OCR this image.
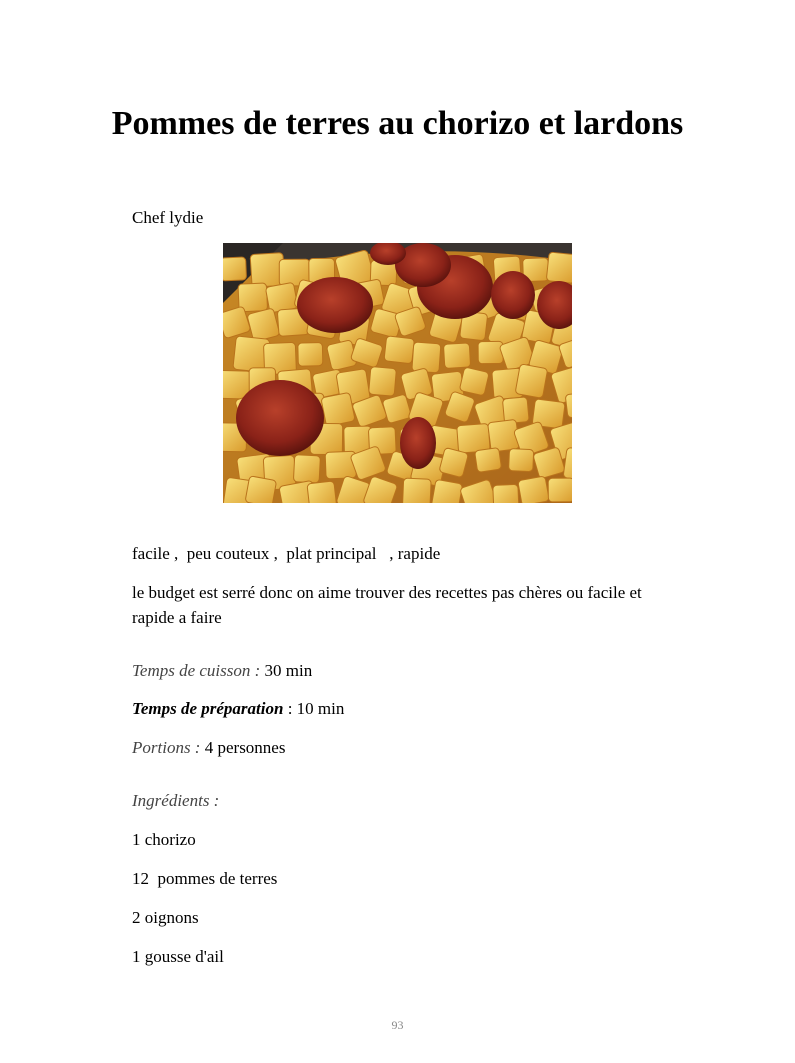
Pommes de terres au chorizo et lardons

Chef lydie

facile ,  peu couteux ,  plat principal   , rapide

le budget est serré donc on aime trouver des recettes pas chères ou facile et rapide a faire

Temps de cuisson : 30 min

Temps de préparation : 10 min

Portions : 4 personnes

Ingrédients :

1 chorizo

12  pommes de terres

2 oignons

1 gousse d'ail

93
